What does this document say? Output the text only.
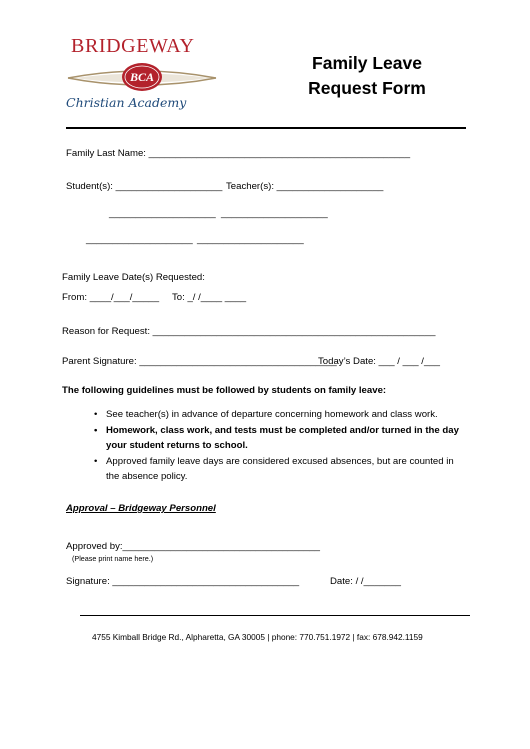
BRIDGEWAY
BCA
Christian Academy
Family Leave Request Form
Family Last Name: _________________________________________________
Student(s): ____________________ Teacher(s): ____________________
____________________ ____________________
____________________ ____________________
Family Leave Date(s) Requested:
From: ____/___/_____ To: _/ /____ ____
Reason for Request: _____________________________________________________
Parent Signature: _____________________________________
Today’s Date: ___ / ___ /___
The following guidelines must be followed by students on family leave:
• See teacher(s) in advance of departure concerning homework and class work.
• Homework, class work, and tests must be completed and/or turned in the day your student returns to school.
• Approved family leave days are considered excused absences, but are counted in the absence policy.
Approval – Bridgeway Personnel
Approved by:_____________________________________
(Please print name here.)
Signature: ___________________________________	Date: / /_______
4755 Kimball Bridge Rd., Alpharetta, GA 30005 | phone: 770.751.1972 | fax: 678.942.1159
